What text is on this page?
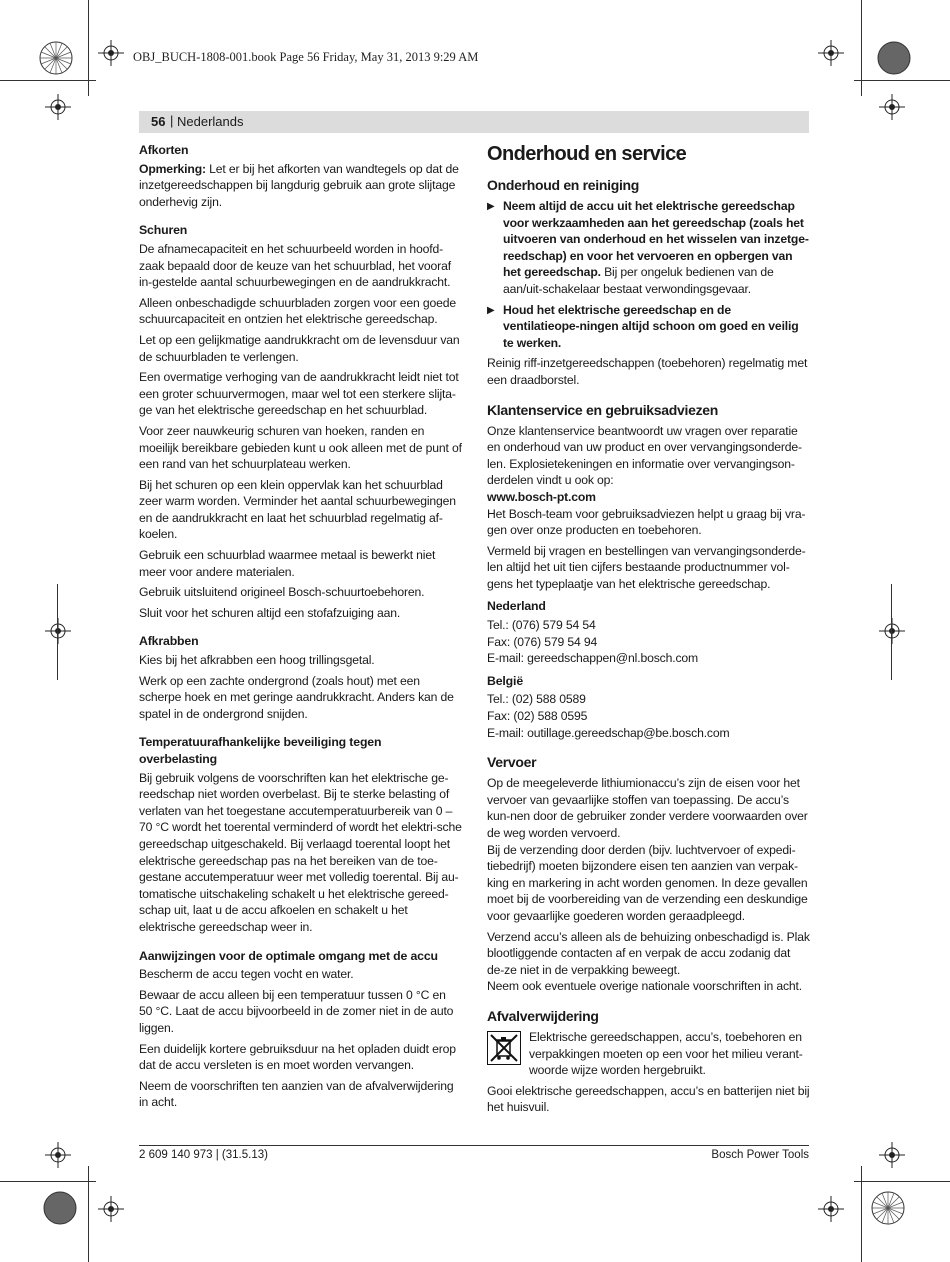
OBJ_BUCH-1808-001.book Page 56 Friday, May 31, 2013 9:29 AM
56 | Nederlands
Afkorten

Opmerking: Let er bij het afkorten van wandtegels op dat de inzetgereedschappen bij langdurig gebruik aan grote slijtage onderhevig zijn.

Schuren

De afnamecapaciteit en het schuurbeeld worden in hoofd-zaak bepaald door de keuze van het schuurblad, het vooraf in-gestelde aantal schuurbewegingen en de aandrukkracht.

Alleen onbeschadigde schuurbladen zorgen voor een goede schuurcapaciteit en ontzien het elektrische gereedschap.

Let op een gelijkmatige aandrukkracht om de levensduur van de schuurbladen te verlengen.

Een overmatige verhoging van de aandrukkracht leidt niet tot een groter schuurvermogen, maar wel tot een sterkere slijta-ge van het elektrische gereedschap en het schuurblad.

Voor zeer nauwkeurig schuren van hoeken, randen en moeilijk bereikbare gebieden kunt u ook alleen met de punt of een rand van het schuurplateau werken.

Bij het schuren op een klein oppervlak kan het schuurblad zeer warm worden. Verminder het aantal schuurbewegingen en de aandrukkracht en laat het schuurblad regelmatig af-koelen.

Gebruik een schuurblad waarmee metaal is bewerkt niet meer voor andere materialen.

Gebruik uitsluitend origineel Bosch-schuurtoebehoren.

Sluit voor het schuren altijd een stofafzuiging aan.

Afkrabben

Kies bij het afkrabben een hoog trillingsgetal.

Werk op een zachte ondergrond (zoals hout) met een scherpe hoek en met geringe aandrukkracht. Anders kan de spatel in de ondergrond snijden.

Temperatuurafhankelijke beveiliging tegen overbelasting

Bij gebruik volgens de voorschriften kan het elektrische ge-reedschap niet worden overbelast. Bij te sterke belasting of verlaten van het toegestane accutemperatuurbereik van 0 – 70 °C wordt het toerental verminderd of wordt het elektri-sche gereedschap uitgeschakeld. Bij verlaagd toerental loopt het elektrische gereedschap pas na het bereiken van de toe-gestane accutemperatuur weer met volledig toerental. Bij au-tomatische uitschakeling schakelt u het elektrische gereed-schap uit, laat u de accu afkoelen en schakelt u het elektrische gereedschap weer in.

Aanwijzingen voor de optimale omgang met de accu

Bescherm de accu tegen vocht en water.

Bewaar de accu alleen bij een temperatuur tussen 0 °C en 50 °C. Laat de accu bijvoorbeeld in de zomer niet in de auto liggen.

Een duidelijk kortere gebruiksduur na het opladen duidt erop dat de accu versleten is en moet worden vervangen.

Neem de voorschriften ten aanzien van de afvalverwijdering in acht.

Onderhoud en service
Onderhoud en reiniging
▶ Neem altijd de accu uit het elektrische gereedschap voor werkzaamheden aan het gereedschap (zoals het uitvoeren van onderhoud en het wisselen van inzetge-reedschap) en voor het vervoeren en opbergen van het gereedschap. Bij per ongeluk bedienen van de aan/uit-schakelaar bestaat verwondingsgevaar.
▶ Houd het elektrische gereedschap en de ventilatieope-ningen altijd schoon om goed en veilig te werken.

Reinig riff-inzetgereedschappen (toebehoren) regelmatig met een draadborstel.

Klantenservice en gebruiksadviezen

Onze klantenservice beantwoordt uw vragen over reparatie en onderhoud van uw product en over vervangingsonderde-len. Explosietekeningen en informatie over vervangingson-derdelen vindt u ook op:

www.bosch-pt.com

Het Bosch-team voor gebruiksadviezen helpt u graag bij vra-gen over onze producten en toebehoren.

Vermeld bij vragen en bestellingen van vervangingsonderde-len altijd het uit tien cijfers bestaande productnummer vol-gens het typeplaatje van het elektrische gereedschap.

Nederland

Tel.: (076) 579 54 54

Fax: (076) 579 54 94

E-mail: gereedschappen@nl.bosch.com

België

Tel.: (02) 588 0589

Fax: (02) 588 0595

E-mail: outillage.gereedschap@be.bosch.com

Vervoer

Op de meegeleverde lithiumionaccu’s zijn de eisen voor het vervoer van gevaarlijke stoffen van toepassing. De accu’s kun-nen door de gebruiker zonder verdere voorwaarden over de weg worden vervoerd.

Bij de verzending door derden (bijv. luchtvervoer of expedi-tiebedrijf) moeten bijzondere eisen ten aanzien van verpak-king en markering in acht worden genomen. In deze gevallen moet bij de voorbereiding van de verzending een deskundige voor gevaarlijke goederen worden geraadpleegd.

Verzend accu’s alleen als de behuizing onbeschadigd is. Plak blootliggende contacten af en verpak de accu zodanig dat de-ze niet in de verpakking beweegt.

Neem ook eventuele overige nationale voorschriften in acht.

Afvalverwijdering

Elektrische gereedschappen, accu’s, toebehoren en verpakkingen moeten op een voor het milieu verant-woorde wijze worden hergebruikt.

Gooi elektrische gereedschappen, accu’s en batterijen niet bij het huisvuil.

2 609 140 973 | (31.5.13)	Bosch Power Tools
